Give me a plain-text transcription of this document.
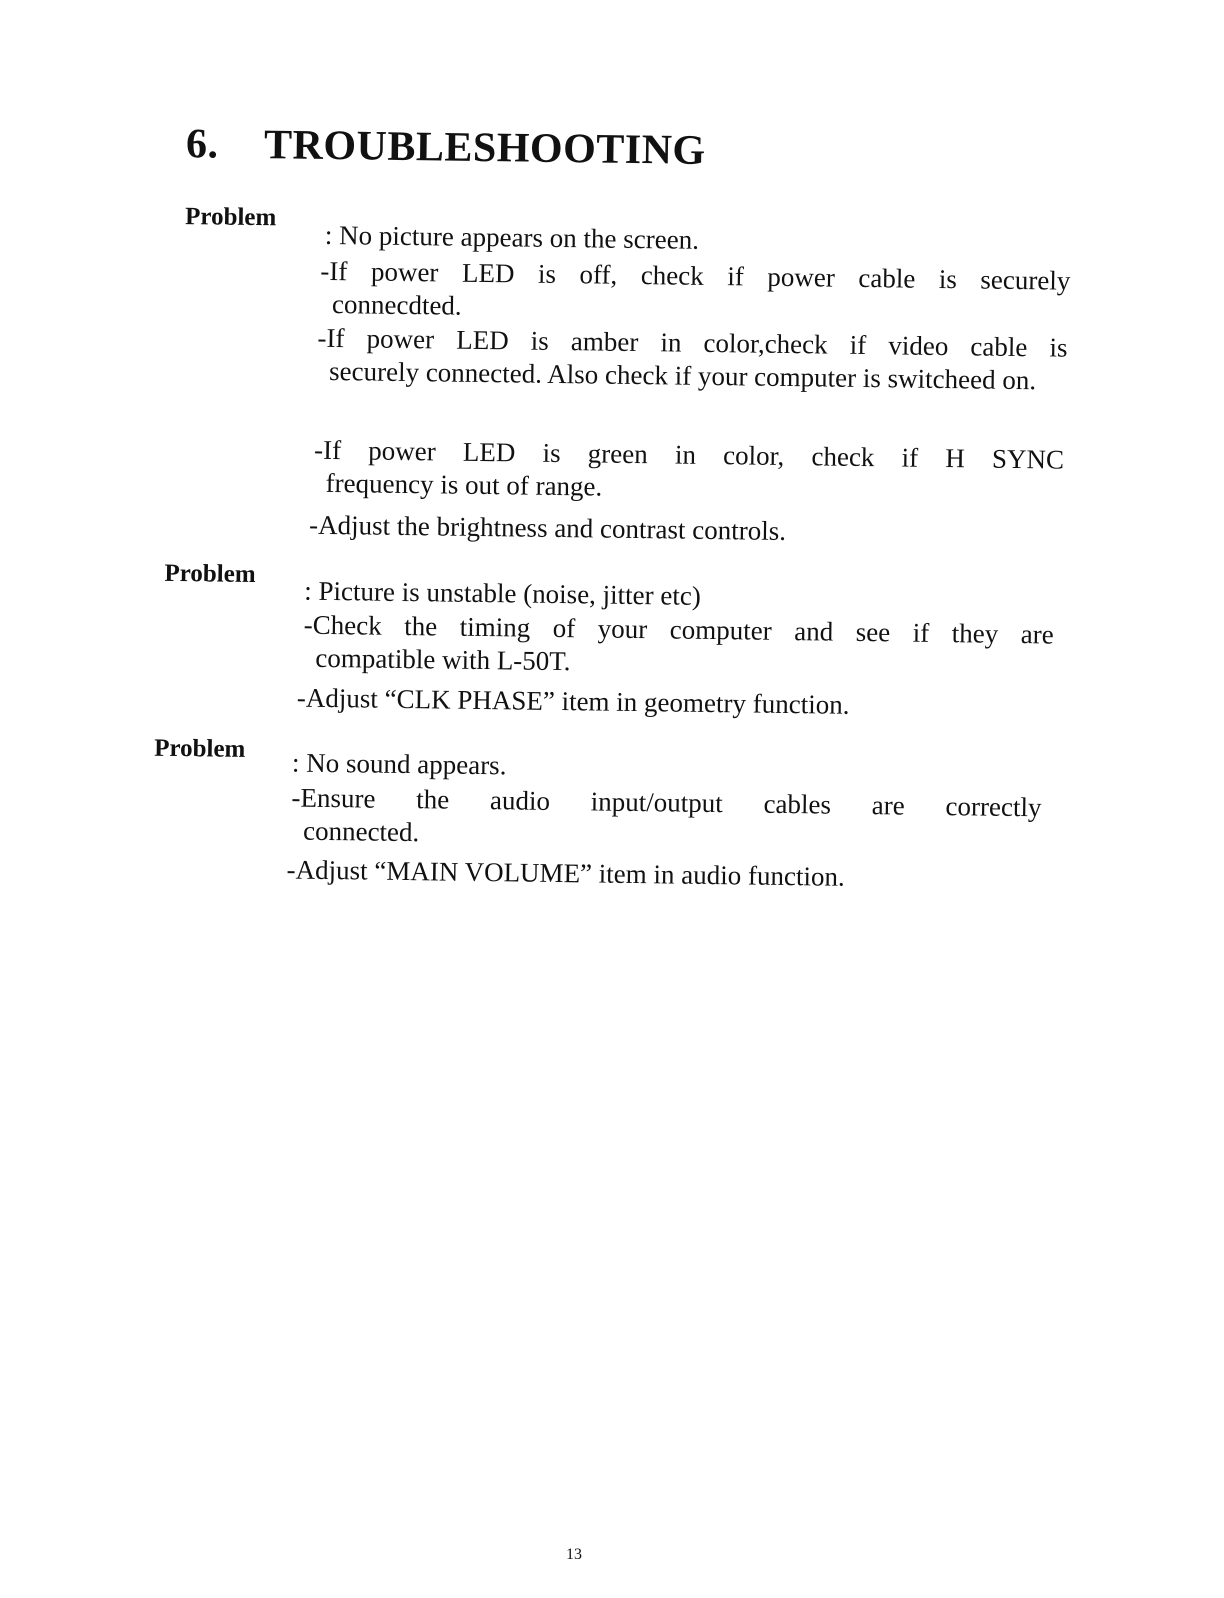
6. TROUBLESHOOTING
Problem
: No picture appears on the screen.
-If power LED is off, check if power cable is securely
connecdted.
-If power LED is amber in color,check if video cable is
securely connected. Also check if your computer is switcheed on.
-If power LED is green in color, check if H SYNC
frequency is out of range.
-Adjust the brightness and contrast controls.
Problem
: Picture is unstable (noise, jitter etc)
-Check the timing of your computer and see if they are
compatible with L-50T.
-Adjust “CLK PHASE” item in geometry function.
Problem : No sound appears.
-Ensure the audio input/output cables are correctly
connected.
-Adjust “MAIN VOLUME” item in audio function.
13
